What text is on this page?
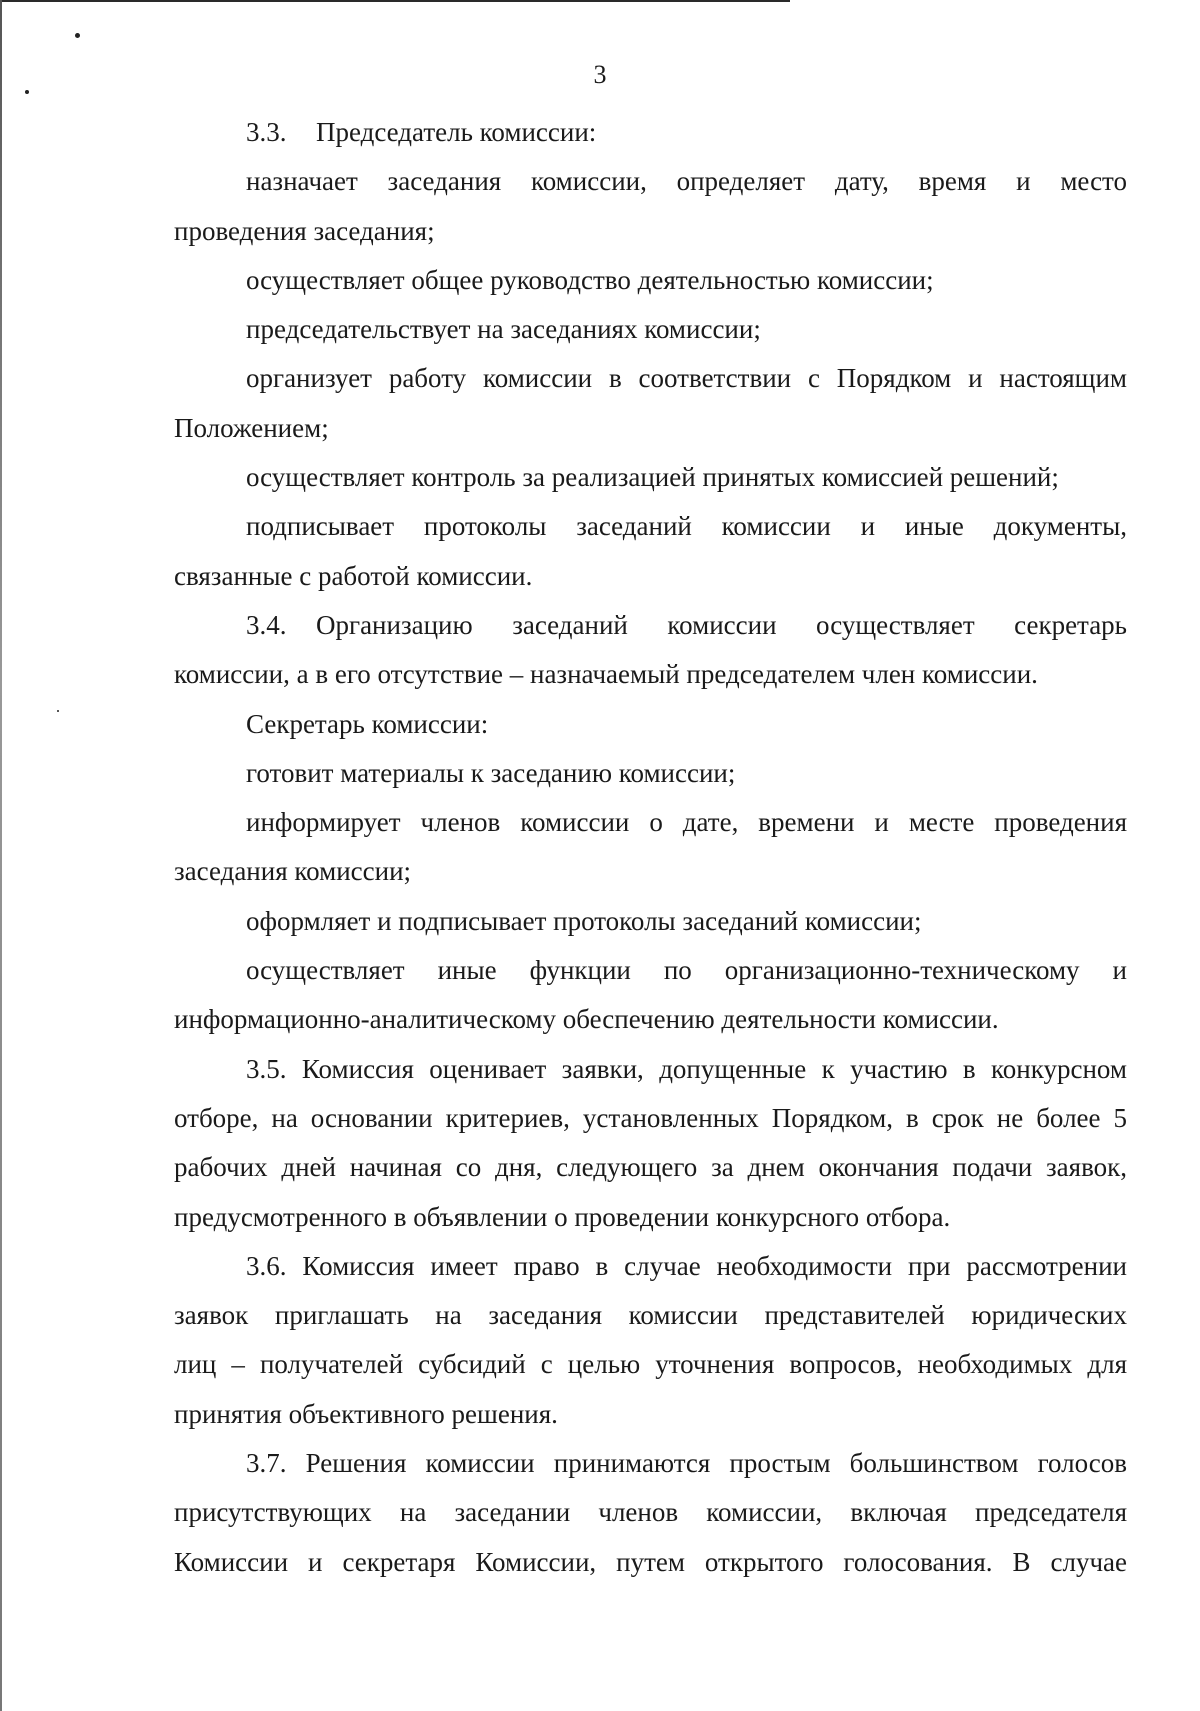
3
3.3. Председатель комиссии:
назначает заседания комиссии, определяет дату, время и место
проведения заседания;
осуществляет общее руководство деятельностью комиссии;
председательствует на заседаниях комиссии;
организует работу комиссии в соответствии с Порядком и настоящим
Положением;
осуществляет контроль за реализацией принятых комиссией решений;
подписывает протоколы заседаний комиссии и иные документы,
связанные с работой комиссии.
3.4. Организацию заседаний комиссии осуществляет секретарь
комиссии, а в его отсутствие – назначаемый председателем член комиссии.
Секретарь комиссии:
готовит материалы к заседанию комиссии;
информирует членов комиссии о дате, времени и месте проведения
заседания комиссии;
оформляет и подписывает протоколы заседаний комиссии;
осуществляет иные функции по организационно-техническому и
информационно-аналитическому обеспечению деятельности комиссии.
3.5. Комиссия оценивает заявки, допущенные к участию в конкурсном
отборе, на основании критериев, установленных Порядком, в срок не более 5
рабочих дней начиная со дня, следующего за днем окончания подачи заявок,
предусмотренного в объявлении о проведении конкурсного отбора.
3.6. Комиссия имеет право в случае необходимости при рассмотрении
заявок приглашать на заседания комиссии представителей юридических
лиц – получателей субсидий с целью уточнения вопросов, необходимых для
принятия объективного решения.
3.7. Решения комиссии принимаются простым большинством голосов
присутствующих на заседании членов комиссии, включая председателя
Комиссии и секретаря Комиссии, путем открытого голосования. В случае
